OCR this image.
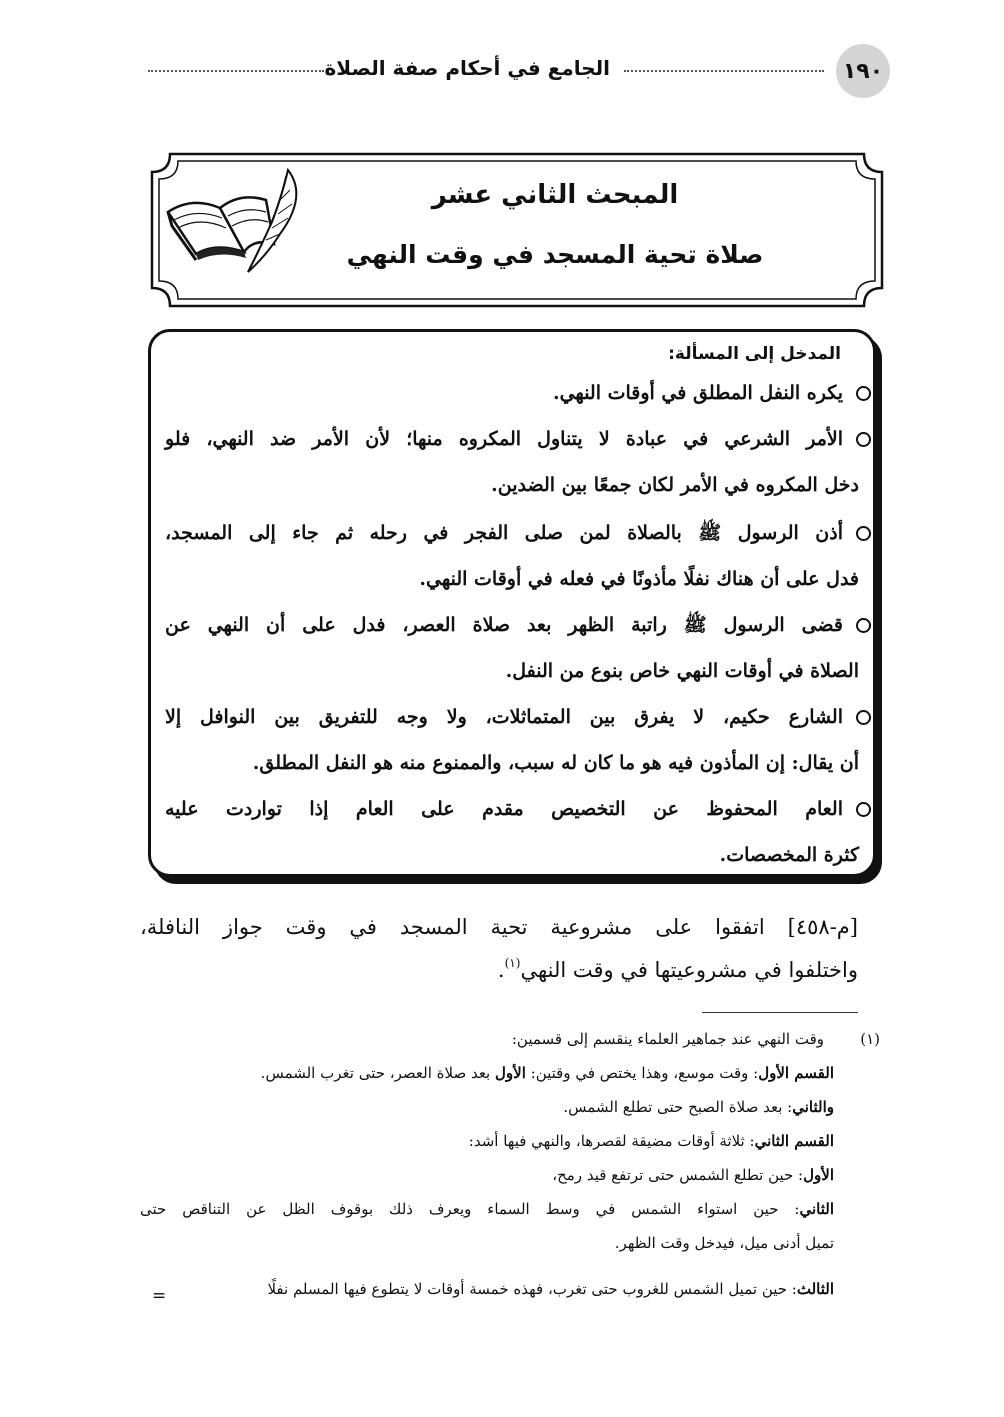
١٩٠
الجامع في أحكام صفة الصلاة
المبحث الثاني عشر
صلاة تحية المسجد في وقت النهي
المدخل إلى المسألة:
يكره النفل المطلق في أوقات النهي.
الأمر الشرعي في عبادة لا يتناول المكروه منها؛ لأن الأمر ضد النهي، فلو
دخل المكروه في الأمر لكان جمعًا بين الضدين.
أذن الرسول ﷺ بالصلاة لمن صلى الفجر في رحله ثم جاء إلى المسجد،
فدل على أن هناك نفلًا مأذونًا في فعله في أوقات النهي.
قضى الرسول ﷺ راتبة الظهر بعد صلاة العصر، فدل على أن النهي عن
الصلاة في أوقات النهي خاص بنوع من النفل.
الشارع حكيم، لا يفرق بين المتماثلات، ولا وجه للتفريق بين النوافل إلا
أن يقال: إن المأذون فيه هو ما كان له سبب، والممنوع منه هو النفل المطلق.
العام المحفوظ عن التخصيص مقدم على العام إذا تواردت عليه
كثرة المخصصات.
[م-٤٥٨] اتفقوا على مشروعية تحية المسجد في وقت جواز النافلة،
واختلفوا في مشروعيتها في وقت النهي$^{(١)}$.
(١)
وقت النهي عند جماهير العلماء ينقسم إلى قسمين:
القسم الأول: وقت موسع، وهذا يختص في وقتين: الأول بعد صلاة العصر، حتى تغرب الشمس.
والثاني: بعد صلاة الصبح حتى تطلع الشمس.
القسم الثاني: ثلاثة أوقات مضيقة لقصرها، والنهي فيها أشد:
الأول: حين تطلع الشمس حتى ترتفع قيد رمح،
الثاني: حين استواء الشمس في وسط السماء ويعرف ذلك بوقوف الظل عن التناقص حتى
تميل أدنى ميل، فيدخل وقت الظهر.
الثالث: حين تميل الشمس للغروب حتى تغرب، فهذه خمسة أوقات لا يتطوع فيها المسلم نفلًا
=
